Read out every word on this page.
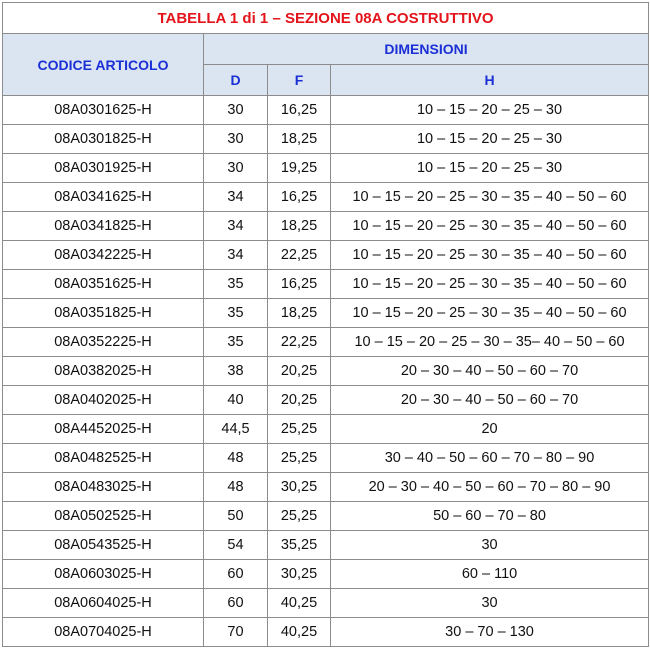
TABELLA 1 di 1 – SEZIONE 08A COSTRUTTIVO			
CODICE ARTICOLO	DIMENSIONI		
	D	F	H
08A0301625-H	30	16,25	10 – 15 – 20 – 25 – 30
08A0301825-H	30	18,25	10 – 15 – 20 – 25 – 30
08A0301925-H	30	19,25	10 – 15 – 20 – 25 – 30
08A0341625-H	34	16,25	10 – 15 – 20 – 25 – 30 – 35 – 40 – 50 – 60
08A0341825-H	34	18,25	10 – 15 – 20 – 25 – 30 – 35 – 40 – 50 – 60
08A0342225-H	34	22,25	10 – 15 – 20 – 25 – 30 – 35 – 40 – 50 – 60
08A0351625-H	35	16,25	10 – 15 – 20 – 25 – 30 – 35 – 40 – 50 – 60
08A0351825-H	35	18,25	10 – 15 – 20 – 25 – 30 – 35 – 40 – 50 – 60
08A0352225-H	35	22,25	10 – 15 – 20 – 25 – 30 – 35– 40 – 50 – 60
08A0382025-H	38	20,25	20 – 30 – 40 – 50 – 60 – 70
08A0402025-H	40	20,25	20 – 30 – 40 – 50 – 60 – 70
08A4452025-H	44,5	25,25	20
08A0482525-H	48	25,25	30 – 40 – 50 – 60 – 70 – 80 – 90
08A0483025-H	48	30,25	20 – 30 – 40 – 50 – 60 – 70 – 80 – 90
08A0502525-H	50	25,25	50 – 60 – 70 – 80
08A0543525-H	54	35,25	30
08A0603025-H	60	30,25	60 – 110
08A0604025-H	60	40,25	30
08A0704025-H	70	40,25	30 – 70 – 130
